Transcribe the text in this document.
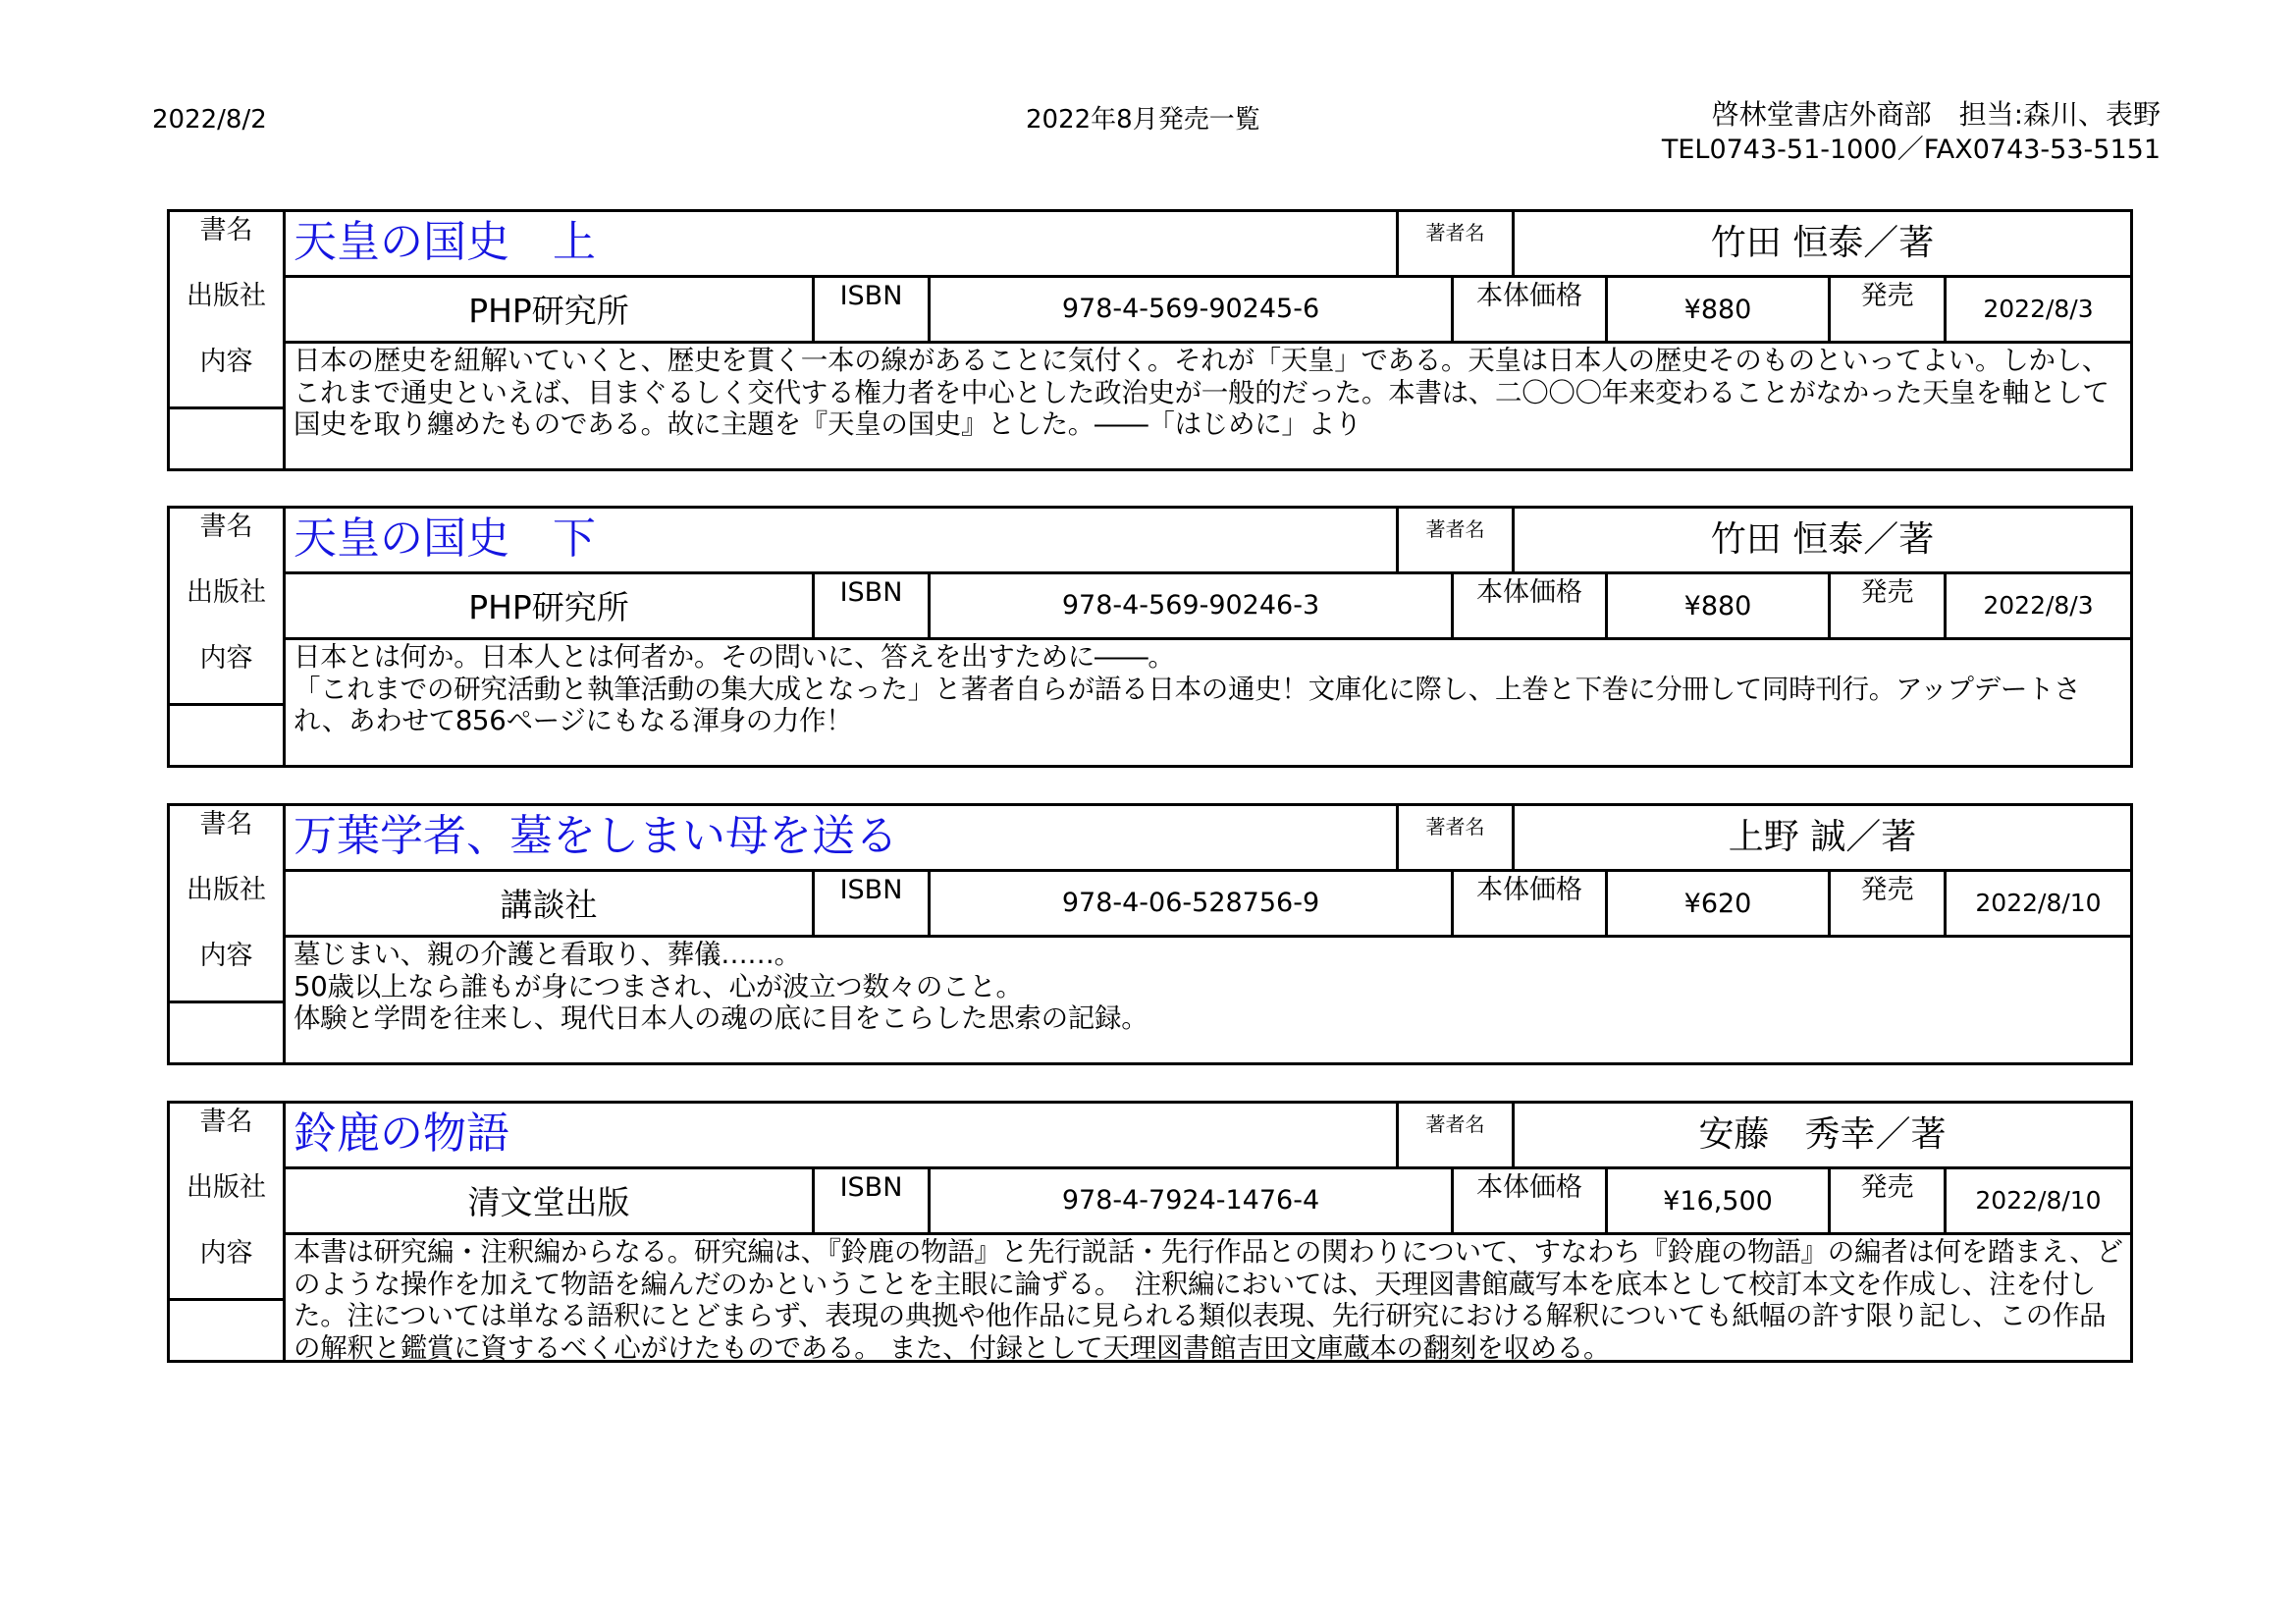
2022/8/2	2022年8月発売一覧	啓林堂書店外商部　担当:森川、表野
TEL0743-51-1000／FAX0743-53-5151
書名 天皇の国史　上	著者名	竹田 恒泰／著
出版社	PHP研究所	ISBN	978-4-569-90245-6	本体価格	¥880	発売	2022/8/3
内容	日本の歴史を紐解いていくと、歴史を貫く一本の線があることに気付く。それが「天皇」である。天皇は日本人の歴史そのものといってよい。しかし、これまで通史といえば、目まぐるしく交代する権力者を中心とした政治史が一般的だった。本書は、二〇〇〇年来変わることがなかった天皇を軸として国史を取り纏めたものである。故に主題を『天皇の国史』とした。――「はじめに」より
書名 天皇の国史　下	著者名	竹田 恒泰／著
出版社	PHP研究所	ISBN	978-4-569-90246-3	本体価格	¥880	発売	2022/8/3
内容	日本とは何か。日本人とは何者か。その問いに、答えを出すために――。
「これまでの研究活動と執筆活動の集大成となった」と著者自らが語る日本の通史！文庫化に際し、上巻と下巻に分冊して同時刊行。アップデートされ、あわせて856ページにもなる渾身の力作！
書名 万葉学者、墓をしまい母を送る	著者名	上野 誠／著
出版社	講談社	ISBN	978-4-06-528756-9	本体価格	¥620	発売	2022/8/10
内容	墓じまい、親の介護と看取り、葬儀……。
50歳以上なら誰もが身につまされ、心が波立つ数々のこと。
体験と学問を往来し、現代日本人の魂の底に目をこらした思索の記録。
書名 鈴鹿の物語	著者名	安藤　秀幸／著
出版社	清文堂出版	ISBN	978-4-7924-1476-4	本体価格	¥16,500	発売	2022/8/10
内容	本書は研究編・注釈編からなる。研究編は、『鈴鹿の物語』と先行説話・先行作品との関わりについて、すなわち『鈴鹿の物語』の編者は何を踏まえ、どのような操作を加えて物語を編んだのかということを主眼に論ずる。　注釈編においては、天理図書館蔵写本を底本として校訂本文を作成し、注を付した。注については単なる語釈にとどまらず、表現の典拠や他作品に見られる類似表現、先行研究における解釈についても紙幅の許す限り記し、この作品の解釈と鑑賞に資するべく心がけたものである。 また、付録として天理図書館吉田文庫蔵本の翻刻を収める。
